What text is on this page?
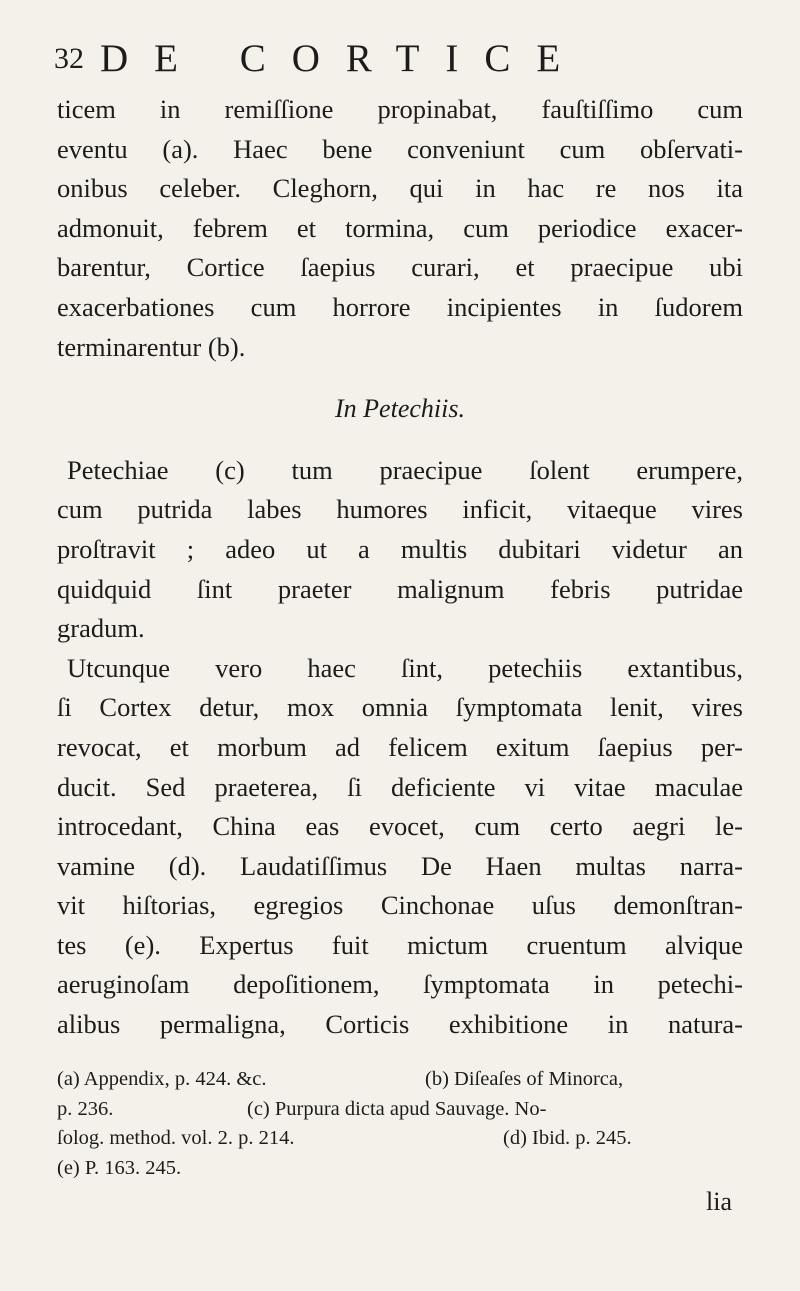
32 DE CORTICE
ticem in remiſſione propinabat, fauſtiſſimo cum
eventu (a). Haec bene conveniunt cum obſervati-
onibus celeber. Cleghorn, qui in hac re nos ita
admonuit, febrem et tormina, cum periodice exacer-
barentur, Cortice ſaepius curari, et praecipue ubi
exacerbationes cum horrore incipientes in ſudorem
terminarentur (b).
In Petechiis.
Petechiae (c) tum praecipue ſolent erumpere,
cum putrida labes humores inficit, vitaeque vires
proſtravit ; adeo ut a multis dubitari videtur an
quidquid ſint praeter malignum febris putridae
gradum.
Utcunque vero haec ſint, petechiis extantibus,
ſi Cortex detur, mox omnia ſymptomata lenit, vires
revocat, et morbum ad felicem exitum ſaepius per-
ducit. Sed praeterea, ſi deficiente vi vitae maculae
introcedant, China eas evocet, cum certo aegri le-
vamine (d). Laudatiſſimus De Haen multas narra-
vit hiſtorias, egregios Cinchonae uſus demonſtran-
tes (e). Expertus fuit mictum cruentum alvique
aeruginoſam depoſitionem, ſymptomata in petechi-
alibus permaligna, Corticis exhibitione in natura-
(a) Appendix, p. 424. &c.	(b) Diſeaſes of Minorca,
p. 236.	(c) Purpura dicta apud Sauvage. No-
ſolog. method. vol. 2. p. 214.	(d) Ibid. p. 245.
(e) P. 163. 245.
lia
